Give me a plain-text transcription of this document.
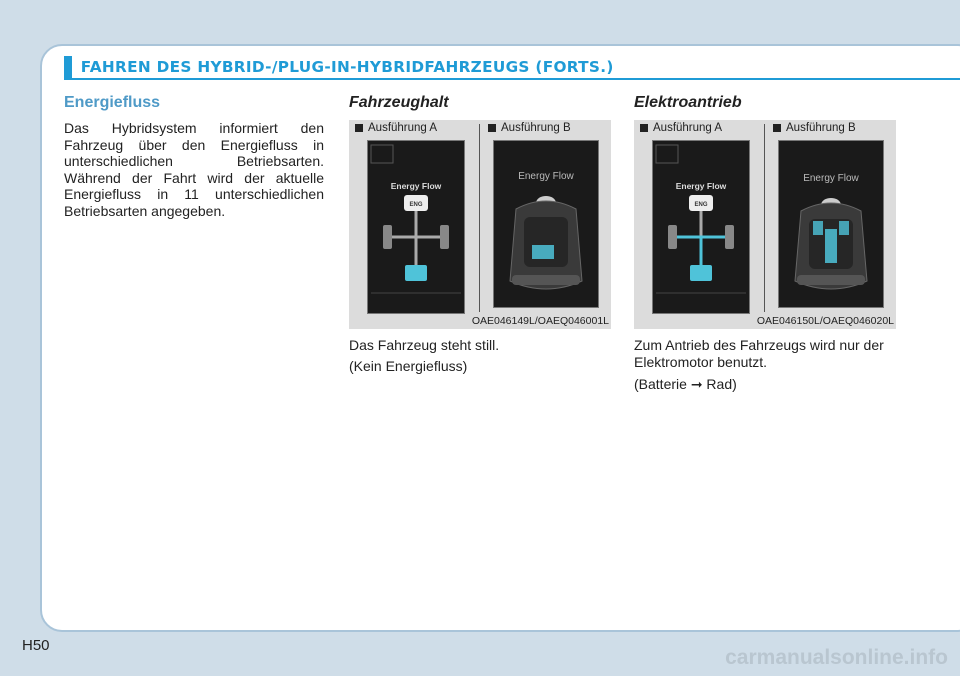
FAHREN DES HYBRID-/PLUG-IN-HYBRIDFAHRZEUGS (FORTS.)
Energiefluss
Das Hybridsystem informiert den Fahrzeug über den Energiefluss in unterschiedlichen Betriebsarten. Während der Fahrt wird der aktuelle Energiefluss in 11 unterschiedlichen Betriebsarten angegeben.
Fahrzeughalt
Ausführung A	Ausführung B
Energy Flow
ENG
Energy Flow
OAE046149L/OAEQ046001L
Das Fahrzeug steht still.
(Kein Energiefluss)
Elektroantrieb
Ausführung A	Ausführung B
Energy Flow
ENG
Energy Flow
OAE046150L/OAEQ046020L
Zum Antrieb des Fahrzeugs wird nur der Elektromotor benutzt.
(Batterie ➞ Rad)
H50
carmanualsonline.info
